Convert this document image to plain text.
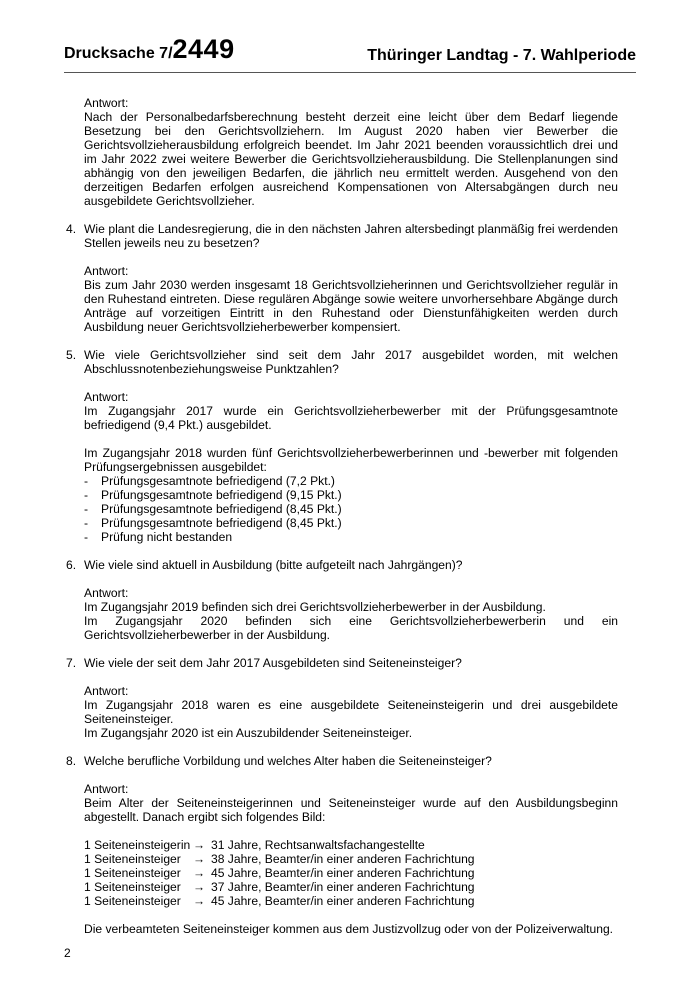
Drucksache 7/2449	Thüringer Landtag - 7. Wahlperiode
Antwort:
Nach der Personalbedarfsberechnung besteht derzeit eine leicht über dem Bedarf liegende Besetzung bei den Gerichtsvollziehern. Im August 2020 haben vier Bewerber die Gerichtsvollzieherausbildung erfolgreich beendet. Im Jahr 2021 beenden voraussichtlich drei und im Jahr 2022 zwei weitere Bewerber die Gerichtsvollzieherausbildung. Die Stellenplanungen sind abhängig von den jeweiligen Bedarfen, die jährlich neu ermittelt werden. Ausgehend von den derzeitigen Bedarfen erfolgen ausreichend Kompensationen von Altersabgängen durch neu ausgebildete Gerichtsvollzieher.
4. Wie plant die Landesregierung, die in den nächsten Jahren altersbedingt planmäßig frei werdenden Stellen jeweils neu zu besetzen?
Antwort:
Bis zum Jahr 2030 werden insgesamt 18 Gerichtsvollzieherinnen und Gerichtsvollzieher regulär in den Ruhestand eintreten. Diese regulären Abgänge sowie weitere unvorhersehbare Abgänge durch Anträge auf vorzeitigen Eintritt in den Ruhestand oder Dienstunfähigkeiten werden durch Ausbildung neuer Gerichtsvollzieherbewerber kompensiert.
5. Wie viele Gerichtsvollzieher sind seit dem Jahr 2017 ausgebildet worden, mit welchen Abschlussnotenbeziehungsweise Punktzahlen?
Antwort:
Im Zugangsjahr 2017 wurde ein Gerichtsvollzieherbewerber mit der Prüfungsgesamtnote befriedigend (9,4 Pkt.) ausgebildet.
Im Zugangsjahr 2018 wurden fünf Gerichtsvollzieherbewerberinnen und -bewerber mit folgenden Prüfungsergebnissen ausgebildet:
-	Prüfungsgesamtnote befriedigend (7,2 Pkt.)
-	Prüfungsgesamtnote befriedigend (9,15 Pkt.)
-	Prüfungsgesamtnote befriedigend (8,45 Pkt.)
-	Prüfungsgesamtnote befriedigend (8,45 Pkt.)
-	Prüfung nicht bestanden
6. Wie viele sind aktuell in Ausbildung (bitte aufgeteilt nach Jahrgängen)?
Antwort:
Im Zugangsjahr 2019 befinden sich drei Gerichtsvollzieherbewerber in der Ausbildung.
Im Zugangsjahr 2020 befinden sich eine Gerichtsvollzieherbewerberin und ein Gerichtsvollzieherbewerber in der Ausbildung.
7. Wie viele der seit dem Jahr 2017 Ausgebildeten sind Seiteneinsteiger?
Antwort:
Im Zugangsjahr 2018 waren es eine ausgebildete Seiteneinsteigerin und drei ausgebildete Seiteneinsteiger.
Im Zugangsjahr 2020 ist ein Auszubildender Seiteneinsteiger.
8. Welche berufliche Vorbildung und welches Alter haben die Seiteneinsteiger?
Antwort:
Beim Alter der Seiteneinsteigerinnen und Seiteneinsteiger wurde auf den Ausbildungsbeginn abgestellt. Danach ergibt sich folgendes Bild:
1 Seiteneinsteigerin → 31 Jahre, Rechtsanwaltsfachangestellte
1 Seiteneinsteiger	→ 38 Jahre, Beamter/in einer anderen Fachrichtung
1 Seiteneinsteiger	→ 45 Jahre, Beamter/in einer anderen Fachrichtung
1 Seiteneinsteiger	→ 37 Jahre, Beamter/in einer anderen Fachrichtung
1 Seiteneinsteiger	→ 45 Jahre, Beamter/in einer anderen Fachrichtung
Die verbeamteten Seiteneinsteiger kommen aus dem Justizvollzug oder von der Polizeiverwaltung.
2
